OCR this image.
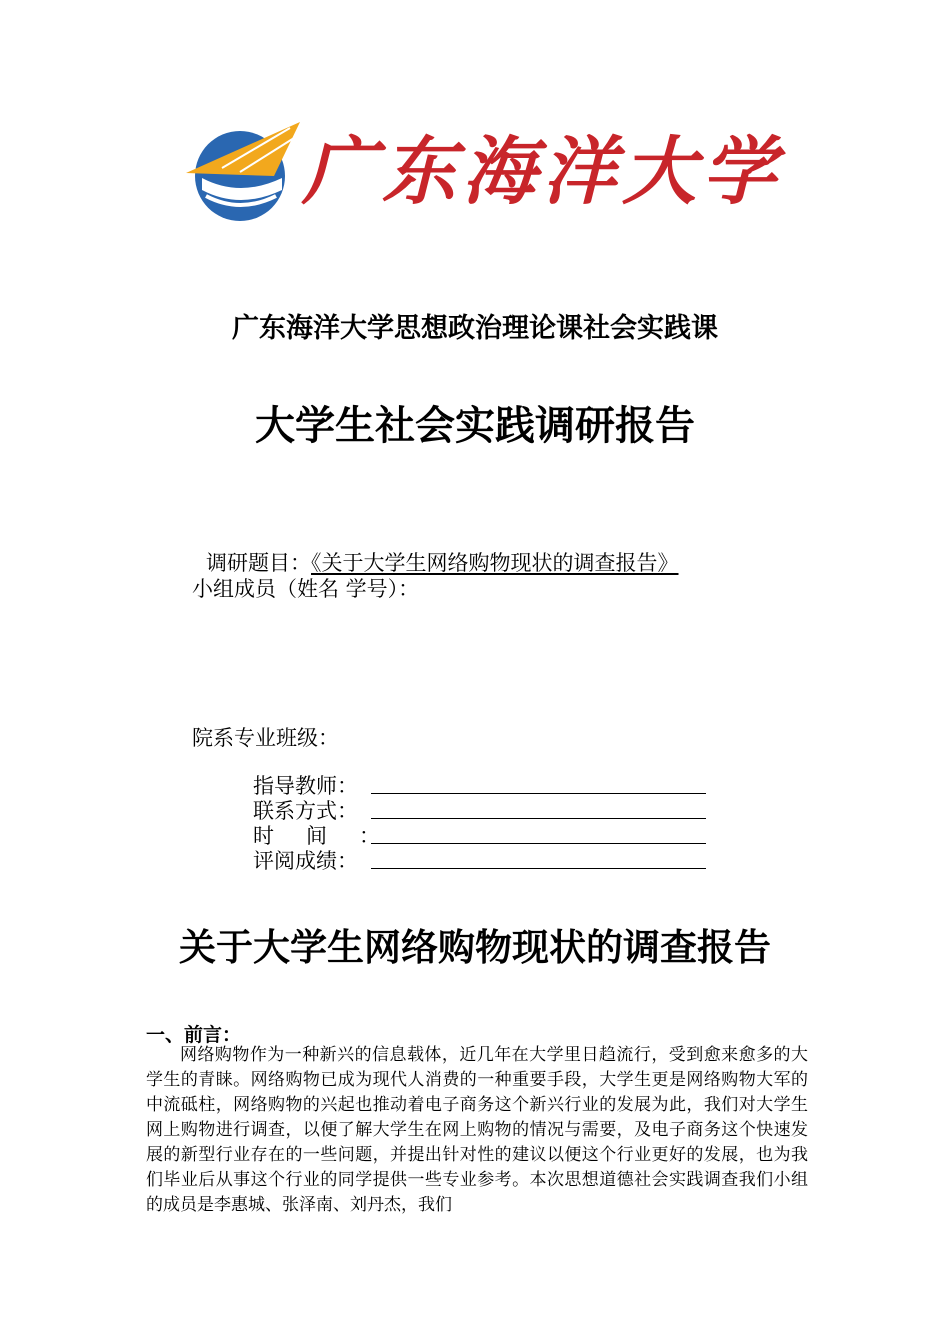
广东海洋大学
广东海洋大学思想政治理论课社会实践课
大学生社会实践调研报告
调研题目：《关于大学生网络购物现状的调查报告》
小组成员（姓名 学号）：
院系专业班级：
指导教师：
联系方式：
时间：
评阅成绩：
关于大学生网络购物现状的调查报告
一、前言：
网络购物作为一种新兴的信息载体，近几年在大学里日趋流行，受到愈来愈多的大学生的青睐。网络购物已成为现代人消费的一种重要手段，大学生更是网络购物大军的中流砥柱，网络购物的兴起也推动着电子商务这个新兴行业的发展为此，我们对大学生网上购物进行调查，以便了解大学生在网上购物的情况与需要，及电子商务这个快速发展的新型行业存在的一些问题，并提出针对性的建议以便这个行业更好的发展，也为我们毕业后从事这个行业的同学提供一些专业参考。本次思想道德社会实践调查我们小组的成员是李惠城、张泽南、刘丹杰，我们
